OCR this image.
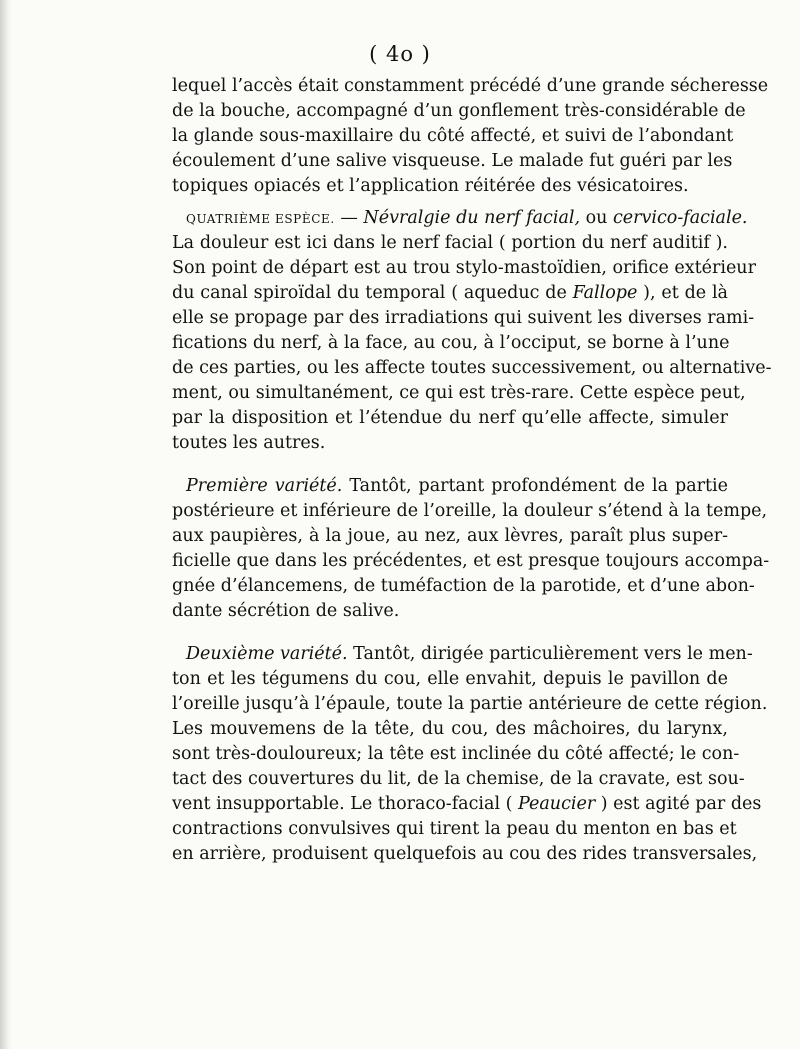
( 4o )

lequel l’accès était constamment précédé d’une grande sécheresse
de la bouche, accompagné d’un gonflement très-considérable de
la glande sous-maxillaire du côté affecté, et suivi de l’abondant
écoulement d’une salive visqueuse. Le malade fut guéri par les
topiques opiacés et l’application réitérée des vésicatoires.
QUATRIÈME ESPÈCE. — Névralgie du nerf facial, ou cervico-faciale.
La douleur est ici dans le nerf facial ( portion du nerf auditif ).
Son point de départ est au trou stylo-mastoïdien, orifice extérieur
du canal spiroïdal du temporal ( aqueduc de Fallope ), et de là
elle se propage par des irradiations qui suivent les diverses rami-
fications du nerf, à la face, au cou, à l’occiput, se borne à l’une
de ces parties, ou les affecte toutes successivement, ou alternative-
ment, ou simultanément, ce qui est très-rare. Cette espèce peut,
par la disposition et l’étendue du nerf qu’elle affecte, simuler
toutes les autres.
Première variété. Tantôt, partant profondément de la partie
postérieure et inférieure de l’oreille, la douleur s’étend à la tempe,
aux paupières, à la joue, au nez, aux lèvres, paraît plus super-
ficielle que dans les précédentes, et est presque toujours accompa-
gnée d’élancemens, de tuméfaction de la parotide, et d’une abon-
dante sécrétion de salive.
Deuxième variété. Tantôt, dirigée particulièrement vers le men-
ton et les tégumens du cou, elle envahit, depuis le pavillon de
l’oreille jusqu’à l’épaule, toute la partie antérieure de cette région.
Les mouvemens de la tête, du cou, des mâchoires, du larynx,
sont très-douloureux; la tête est inclinée du côté affecté; le con-
tact des couvertures du lit, de la chemise, de la cravate, est sou-
vent insupportable. Le thoraco-facial ( Peaucier ) est agité par des
contractions convulsives qui tirent la peau du menton en bas et
en arrière, produisent quelquefois au cou des rides transversales,
